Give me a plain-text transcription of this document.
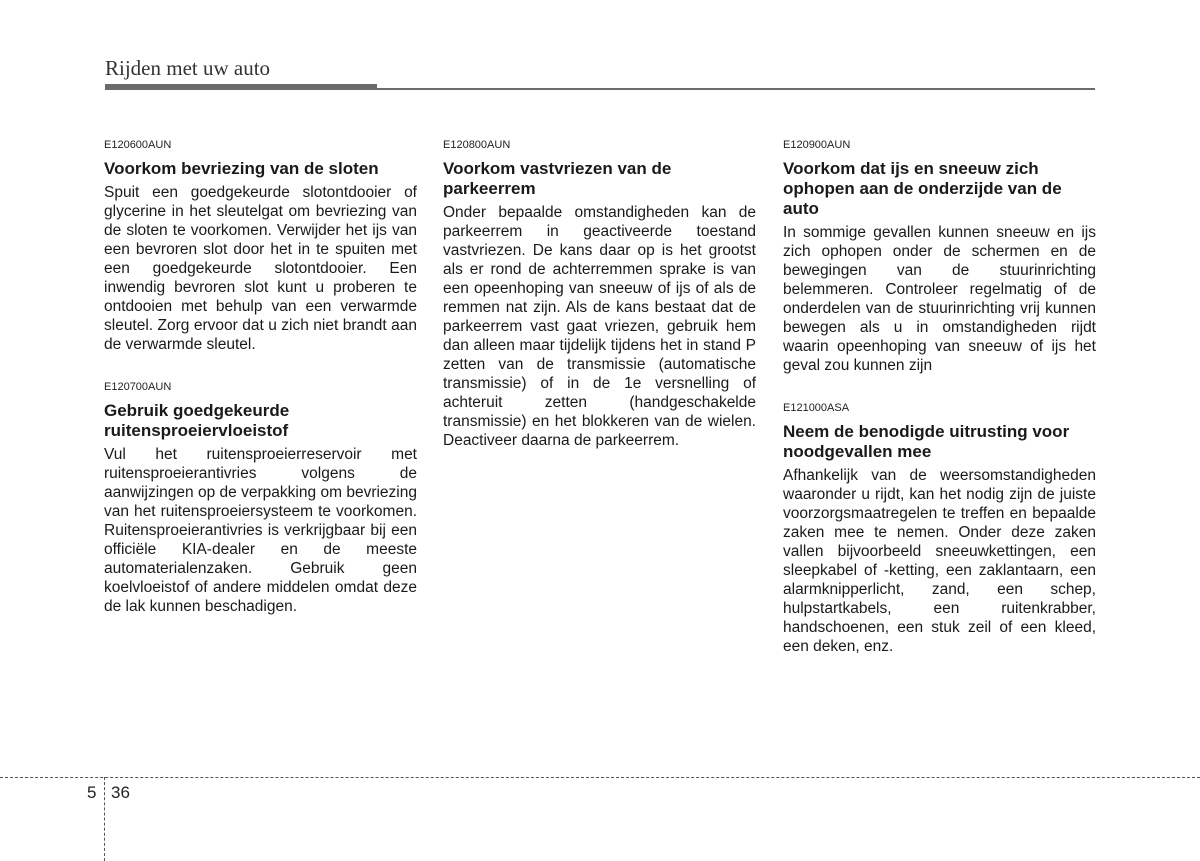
Rijden met uw auto

E120600AUN

Voorkom bevriezing van de sloten

Spuit een goedgekeurde slotontdooier of glycerine in het sleutelgat om bevriezing van de sloten te voorkomen. Verwijder het ijs van een bevroren slot door het in te spuiten met een goedgekeurde slotontdooier. Een inwendig bevroren slot kunt u proberen te ontdooien met behulp van een verwarmde sleutel. Zorg ervoor dat u zich niet brandt aan de verwarmde sleutel.

E120700AUN

Gebruik goedgekeurde ruitensproeiervloeistof

Vul het ruitensproeierreservoir met ruitensproeierantivries volgens de aanwijzingen op de verpakking om bevriezing van het ruitensproeiersysteem te voorkomen. Ruitensproeierantivries is verkrijgbaar bij een officiële KIA-dealer en de meeste automaterialenzaken. Gebruik geen koelvloeistof of andere middelen omdat deze de lak kunnen beschadigen.

E120800AUN

Voorkom vastvriezen van de parkeerrem

Onder bepaalde omstandigheden kan de parkeerrem in geactiveerde toestand vastvriezen. De kans daar op is het grootst als er rond de achterremmen sprake is van een opeenhoping van sneeuw of ijs of als de remmen nat zijn. Als de kans bestaat dat de parkeerrem vast gaat vriezen, gebruik hem dan alleen maar tijdelijk tijdens het in stand P zetten van de transmissie (automatische transmissie) of in de 1e versnelling of achteruit zetten (handgeschakelde transmissie) en het blokkeren van de wielen. Deactiveer daarna de parkeerrem.

E120900AUN

Voorkom dat ijs en sneeuw zich ophopen aan de onderzijde van de auto

In sommige gevallen kunnen sneeuw en ijs zich ophopen onder de schermen en de bewegingen van de stuurinrichting belemmeren. Controleer regelmatig of de onderdelen van de stuurinrichting vrij kunnen bewegen als u in omstandigheden rijdt waarin opeenhoping van sneeuw of ijs het geval zou kunnen zijn

E121000ASA

Neem de benodigde uitrusting voor noodgevallen mee

Afhankelijk van de weersomstandigheden waaronder u rijdt, kan het nodig zijn de juiste voorzorgsmaatregelen te treffen en bepaalde zaken mee te nemen. Onder deze zaken vallen bijvoorbeeld sneeuwkettingen, een sleepkabel of -ketting, een zaklantaarn, een alarmknipperlicht, zand, een schep, hulpstartkabels, een ruitenkrabber, handschoenen, een stuk zeil of een kleed, een deken, enz.

5 36
